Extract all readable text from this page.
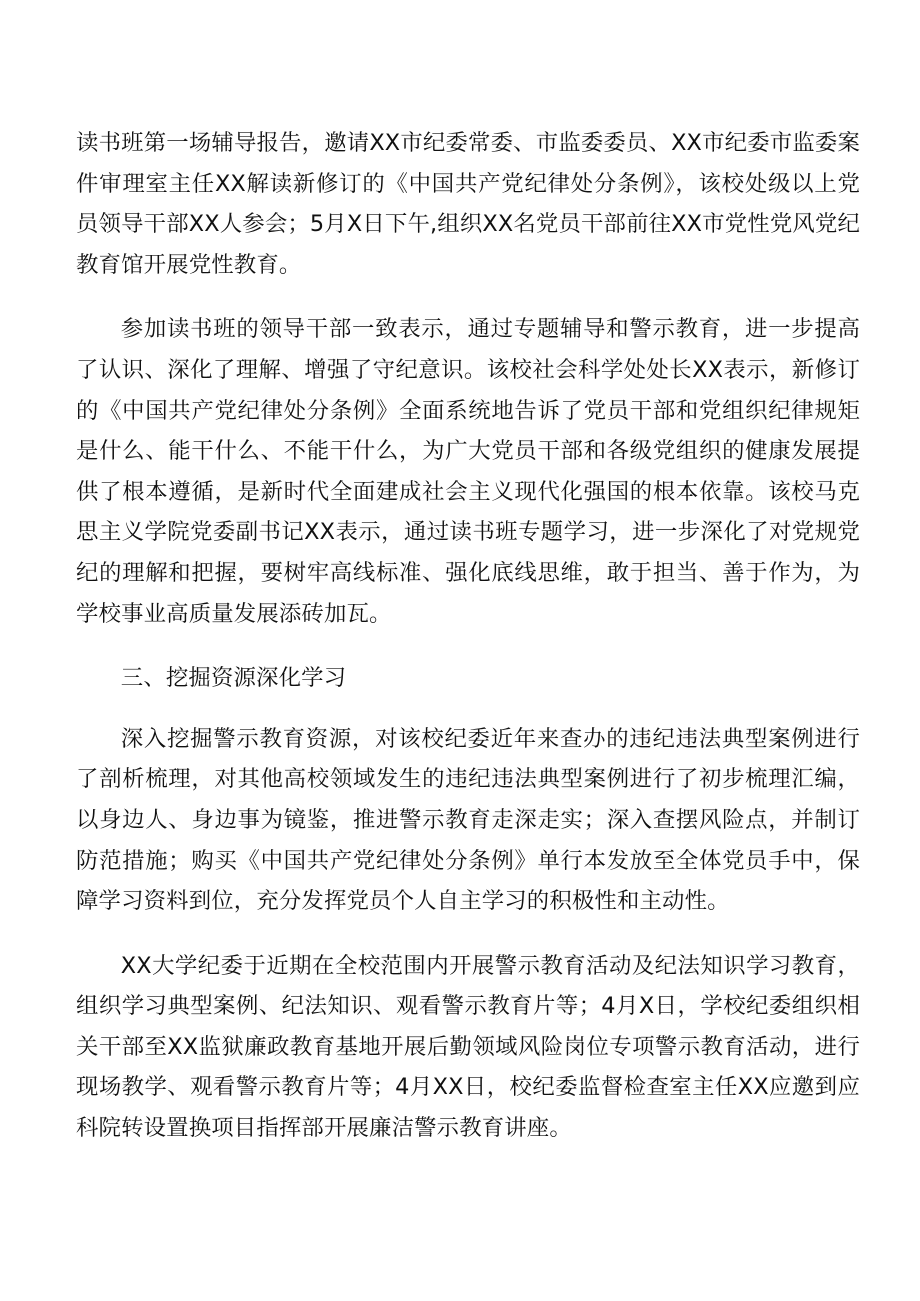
读书班第一场辅导报告，邀请XX市纪委常委、市监委委员、XX市纪委市监委案件审理室主任XX解读新修订的《中国共产党纪律处分条例》，该校处级以上党员领导干部XX人参会；5月X日下午,组织XX名党员干部前往XX市党性党风党纪教育馆开展党性教育。

参加读书班的领导干部一致表示，通过专题辅导和警示教育，进一步提高了认识、深化了理解、增强了守纪意识。该校社会科学处处长XX表示，新修订的《中国共产党纪律处分条例》全面系统地告诉了党员干部和党组织纪律规矩是什么、能干什么、不能干什么，为广大党员干部和各级党组织的健康发展提供了根本遵循，是新时代全面建成社会主义现代化强国的根本依靠。该校马克思主义学院党委副书记XX表示，通过读书班专题学习，进一步深化了对党规党纪的理解和把握，要树牢高线标准、强化底线思维，敢于担当、善于作为，为学校事业高质量发展添砖加瓦。

三、挖掘资源深化学习

深入挖掘警示教育资源，对该校纪委近年来查办的违纪违法典型案例进行了剖析梳理，对其他高校领域发生的违纪违法典型案例进行了初步梳理汇编，以身边人、身边事为镜鉴，推进警示教育走深走实；深入查摆风险点，并制订防范措施；购买《中国共产党纪律处分条例》单行本发放至全体党员手中，保障学习资料到位，充分发挥党员个人自主学习的积极性和主动性。

XX大学纪委于近期在全校范围内开展警示教育活动及纪法知识学习教育，组织学习典型案例、纪法知识、观看警示教育片等；4月X日，学校纪委组织相关干部至XX监狱廉政教育基地开展后勤领域风险岗位专项警示教育活动，进行现场教学、观看警示教育片等；4月XX日，校纪委监督检查室主任XX应邀到应科院转设置换项目指挥部开展廉洁警示教育讲座。
